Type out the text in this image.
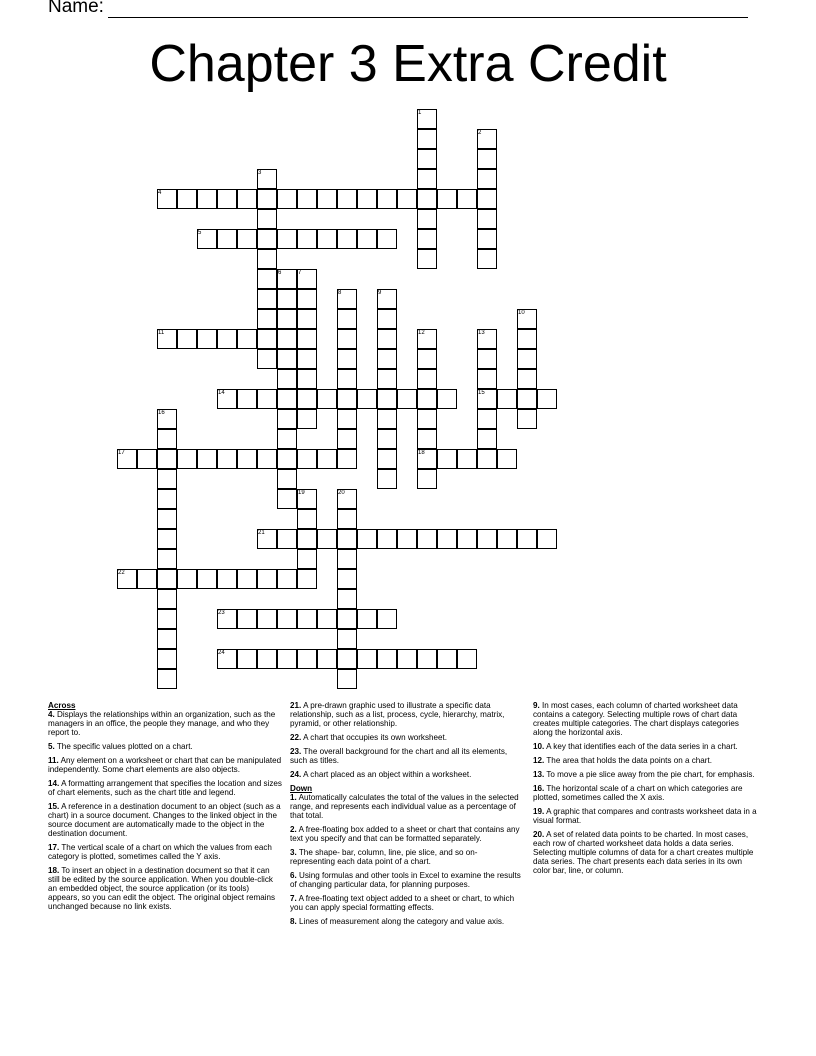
Name:
Chapter 3 Extra Credit
1
2
3
4
5
6	7
8	9
10
11	12	13
14	15
16
17	18
19	20
21
22
23
24
Across
4. Displays the relationships within an organization, such as the managers in an office, the people they manage, and who they report to.
5. The specific values plotted on a chart.
11. Any element on a worksheet or chart that can be manipulated independently. Some chart elements are also objects.
14. A formatting arrangement that specifies the location and sizes of chart elements, such as the chart title and legend.
15. A reference in a destination document to an object (such as a chart) in a source document. Changes to the linked object in the source document are automatically made to the object in the destination document.
17. The vertical scale of a chart on which the values from each category is plotted, sometimes called the Y axis.
18. To insert an object in a destination document so that it can still be edited by the source application. When you double-click an embedded object, the source application (or its tools) appears, so you can edit the object. The original object remains unchanged because no link exists.
21. A pre-drawn graphic used to illustrate a specific data relationship, such as a list, process, cycle, hierarchy, matrix, pyramid, or other relationship.
22. A chart that occupies its own worksheet.
23. The overall background for the chart and all its elements, such as titles.
24. A chart placed as an object within a worksheet.
Down
1. Automatically calculates the total of the values in the selected range, and represents each individual value as a percentage of that total.
2. A free-floating box added to a sheet or chart that contains any text you specify and that can be formatted separately.
3. The shape- bar, column, line, pie slice, and so on- representing each data point of a chart.
6. Using formulas and other tools in Excel to examine the results of changing particular data, for planning purposes.
7. A free-floating text object added to a sheet or chart, to which you can apply special formatting effects.
8. Lines of measurement along the category and value axis.
9. In most cases, each column of charted worksheet data contains a category. Selecting multiple rows of chart data creates multiple categories. The chart displays categories along the horizontal axis.
10. A key that identifies each of the data series in a chart.
12. The area that holds the data points on a chart.
13. To move a pie slice away from the pie chart, for emphasis.
16. The horizontal scale of a chart on which categories are plotted, sometimes called the X axis.
19. A graphic that compares and contrasts worksheet data in a visual format.
20. A set of related data points to be charted. In most cases, each row of charted worksheet data holds a data series. Selecting multiple columns of data for a chart creates multiple data series. The chart presents each data series in its own color bar, line, or column.
